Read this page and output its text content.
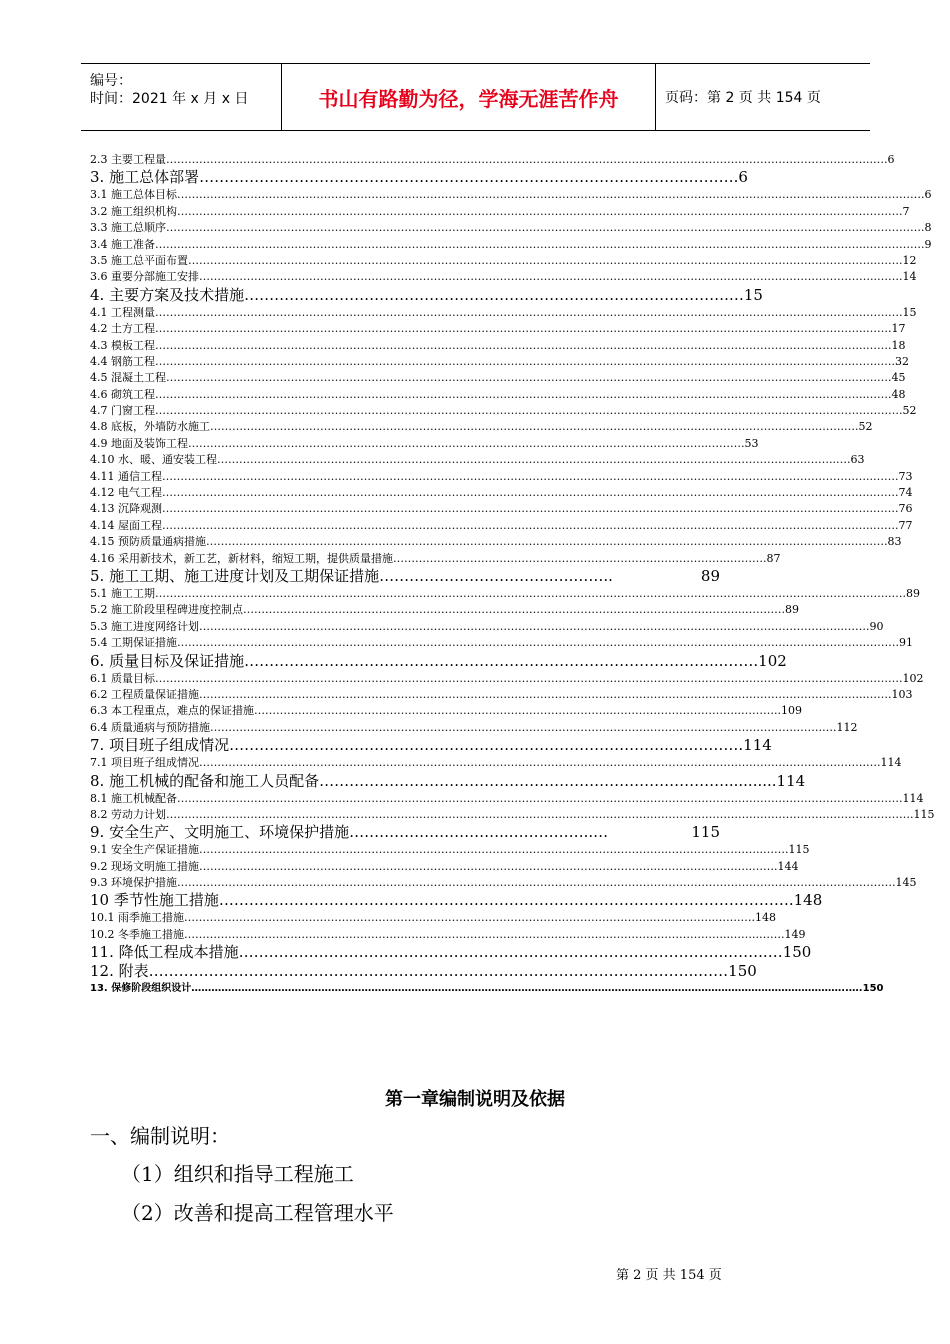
编号：
时间：2021 年 x 月 x 日	书山有路勤为径，学海无涯苦作舟	页码：第 2 页 共 154 页
2.3 主要工程量 …………………………………………………………………………………………………………………………………………………………………..……..…. 6
3. 施工总体部署 ……………………………………………………………………………………..………. 6
3.1 施工总体目标 ……………………………………………………………………………………………………………………………………………………………………..……………. 6
3.2 施工组织机构 ……………………………………………………………………………………………………………………………………………………………..………………. 7
3.3 施工总顺序 ………………………………………………………………………………………………………………………………………………………………………..……………. 8
3.4 施工准备 …………………………………………………………………………………………………………………………………………………………………………..……………. 9
3.5 施工总平面布置 ……………………………………………………………………………………………………………………………………………………………………..……. 12
3.6 重要分部施工安排 …………………………………………………………………………………………………………………………………………………………………..……. 14
4. 主要方案及技术措施 …………………………………………………………………………………….… 15
4.1 工程测量 ………………………………………………………………………………………………………………………………………………………………………….…….…. 15
4.2 土方工程 …………………………………………………………………………………………………………………………………………………………………………..……. 17
4.3 模板工程 …………………………………………………………………………………………………………………………………………………………………………..……. 18
4.4 钢筋工程 ……………………………………………………………………………………………………………………………………………………………………….……..…. 32
4.5 混凝土工程 …………………………………………………………………………………………………………………………………………………………………….…….…. 45
4.6 砌筑工程 …………………………………………………………………………………………………………………………………………………………………………..……. 48
4.7 门窗工程 ………………………………………………………………………………………………………………………………………………………………………….…….…. 52
4.8 底板，外墙防水施工 ………………………………………………………………………………………………………………………………………………….…….…. 52
4.9 地面及装饰工程 ………………………………………………………………………………………..…………………………………..………. 53
4.10 水、暖、通安装工程 ……………………………………………………………………………………………………………………………………………..……..…. 63
4.11 通信工程 …………………………………………………………………………………………………………………………………………………………………………..……. 73
4.12 电气工程 …………………………………………………………………………………………………………………………………………………………………………..……. 74
4.13 沉降观测 …………………………………………………………………………………………………………………………………………………………………………..……. 76
4.14 屋面工程 …………………………………………………………………………………………………………………………………………………………………………..……. 77
4.15 预防质量通病措施 …………………………………………………………………………………………………………………………………………………………..………. 83
4.16 采用新技术，新工艺，新材料，缩短工期，提供质量措施 ………………………………………………………………………………..………. 87
5. 施工工期、施工进度计划及工期保证措施 ……………………………..….……..	89
5.1 施工工期 ………………………………………………………………………………………………………………………………………………………………………….……..…. 89
5.2 施工阶段里程碑进度控制点 ………………………………………………………………………………………………………………………..…….…. 89
5.3 施工进度网络计划 …………………………………………………………………………………………………………………………………………………………..……. 90
5.4 工期保证措施 …………………………………………………………………………………………………………………………………………………………………….………. 91
6. 质量目标及保证措施 …………………………………………………………………………………...……. 102
6.1 质量目标 …………………………………………………………………………………………………………………………………………………………………………..………. 102
6.2 工程质量保证措施 ………………………………………………………………………………………………………………………………………………………………..……. 103
6.3 本工程重点，难点的保证措施 ……………………………………………………………………………………..……………………………..……….. 109
6.4 质量通病与预防措施 …………………………………………………………………………………………………………………………………………….…….…. 112
7. 项目班子组成情况 ……………………………………………………………………………..….………. 114
7.1 项目班子组成情况 ………………………………………………………………………………………………………………………………………………………….…….…. 114
8. 施工机械的配备和施工人员配备 ………………………………………………………………………........... 114
8.1 施工机械配备 ……………………………………………………………………………………………………………………………………………………………………..………. 114
8.2 劳动力计划 …………………………………………………………………………………………………………………………………………………………………………..………. 115
9. 安全生产、文明施工、环境保护措施 …………………………..……………..…	115
9.1 安全生产保证措施 ………………………………………………………………………………………………………………..……………………..……. 115
9.2 现场文明施工措施 ……………………………………………………………………………………………………………..……………………..……. 144
9.3 环境保护措施 ……………………………………………………………………………………………………………………………………………………………………………. 145
10 季节性施工措施 ……………………………………………………………………………………………………. 148
10.1 雨季施工措施 ………………………………………………………………………………………………………………..……………..…….…. 148
10.2 冬季施工措施 …………………………………………………………………………………………………………………………………..……..……. 149
11. 降低工程成本措施 ……………………………………………………………………………………..……..… 150
12. 附表 ………………………………………………………………………………………………..…… 150
13. 保修阶段组织设计 ……………………………………………………………………………………………………………………………………………………………………………..…. 150
第一章编制说明及依据
一、编制说明：
（1）组织和指导工程施工
（2）改善和提高工程管理水平
第 2 页 共 154 页
